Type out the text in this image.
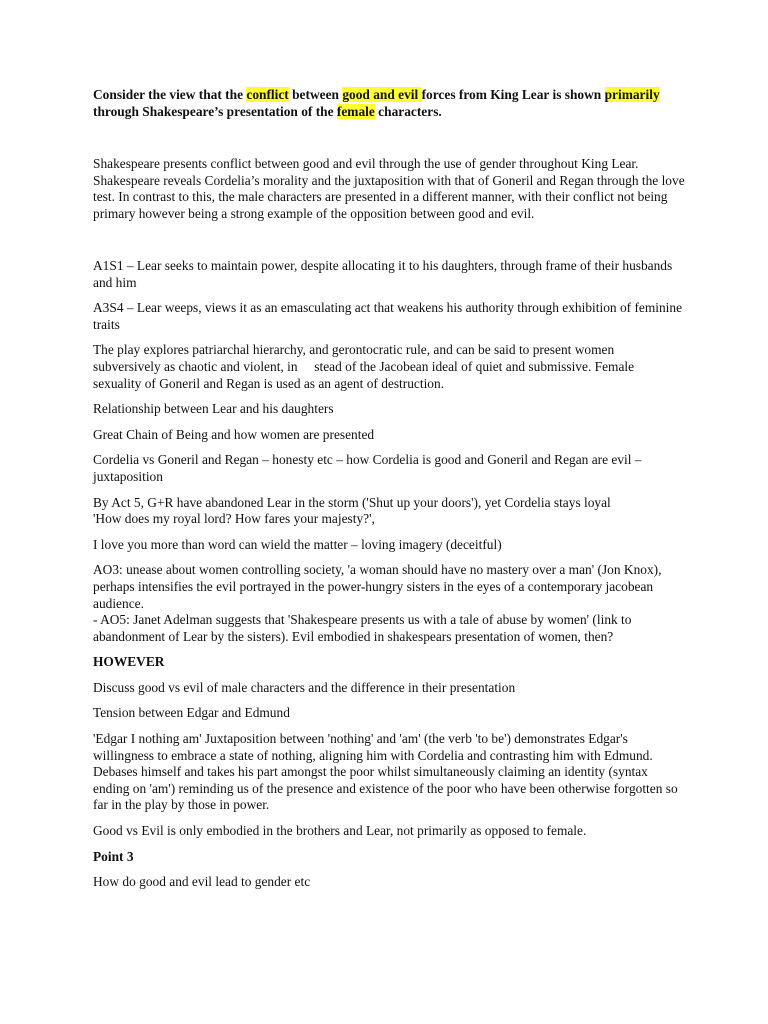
Consider the view that the conflict between good and evil forces from King Lear is shown primarily through Shakespeare’s presentation of the female characters.

Shakespeare presents conflict between good and evil through the use of gender throughout King Lear. Shakespeare reveals Cordelia’s morality and the juxtaposition with that of Goneril and Regan through the love test. In contrast to this, the male characters are presented in a different manner, with their conflict not being primary however being a strong example of the opposition between good and evil.

A1S1 – Lear seeks to maintain power, despite allocating it to his daughters, through frame of their husbands and him

A3S4 – Lear weeps, views it as an emasculating act that weakens his authority through exhibition of feminine traits

The play explores patriarchal hierarchy, and gerontocratic rule, and can be said to present women subversively as chaotic and violent, in     stead of the Jacobean ideal of quiet and submissive. Female sexuality of Goneril and Regan is used as an agent of destruction.

Relationship between Lear and his daughters

Great Chain of Being and how women are presented

Cordelia vs Goneril and Regan – honesty etc – how Cordelia is good and Goneril and Regan are evil – juxtaposition

By Act 5, G+R have abandoned Lear in the storm ('Shut up your doors'), yet Cordelia stays loyal
'How does my royal lord? How fares your majesty?',

I love you more than word can wield the matter – loving imagery (deceitful)

AO3: unease about women controlling society, 'a woman should have no mastery over a man' (Jon Knox), perhaps intensifies the evil portrayed in the power-hungry sisters in the eyes of a contemporary jacobean audience.
- AO5: Janet Adelman suggests that 'Shakespeare presents us with a tale of abuse by women' (link to abandonment of Lear by the sisters). Evil embodied in shakespears presentation of women, then?

HOWEVER

Discuss good vs evil of male characters and the difference in their presentation

Tension between Edgar and Edmund

'Edgar I nothing am' Juxtaposition between 'nothing' and 'am' (the verb 'to be') demonstrates Edgar's willingness to embrace a state of nothing, aligning him with Cordelia and contrasting him with Edmund. Debases himself and takes his part amongst the poor whilst simultaneously claiming an identity (syntax ending on 'am') reminding us of the presence and existence of the poor who have been otherwise forgotten so far in the play by those in power.

Good vs Evil is only embodied in the brothers and Lear, not primarily as opposed to female.

Point 3

How do good and evil lead to gender etc
